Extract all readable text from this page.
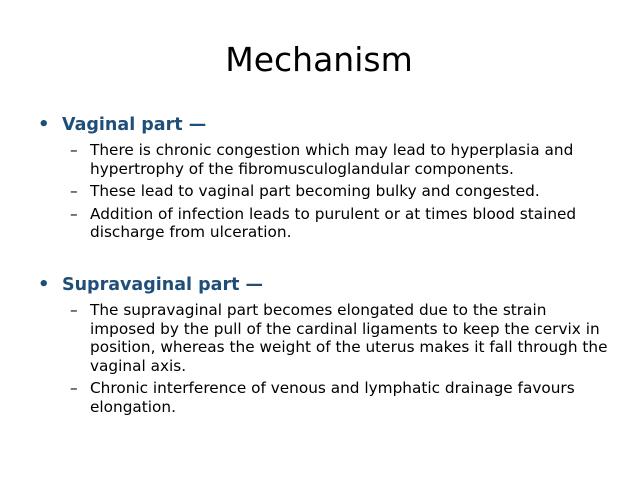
Mechanism
• Vaginal part —
– There is chronic congestion which may lead to hyperplasia and hypertrophy of the fibromusculoglandular components.
– These lead to vaginal part becoming bulky and congested.
– Addition of infection leads to purulent or at times blood stained discharge from ulceration.
• Supravaginal part —
– The supravaginal part becomes elongated due to the strain imposed by the pull of the cardinal ligaments to keep the cervix in position, whereas the weight of the uterus makes it fall through the vaginal axis.
– Chronic interference of venous and lymphatic drainage favours elongation.
